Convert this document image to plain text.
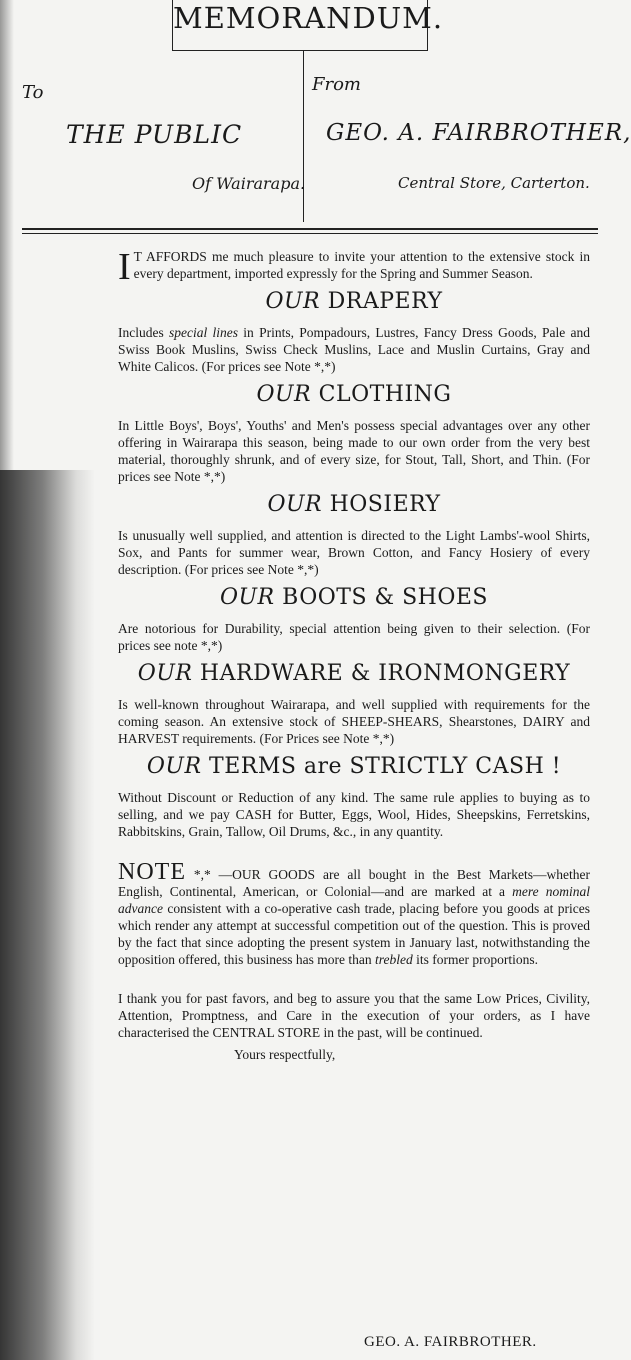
MEMORANDUM.
To
THE PUBLIC
Of Wairarapa.
From
GEO. A. FAIRBROTHER,
Central Store, Carterton.

I T AFFORDS me much pleasure to invite your attention to the extensive stock in every department, imported expressly for the Spring and Summer Season.

OUR DRAPERY

Includes special lines in Prints, Pompadours, Lustres, Fancy Dress Goods, Pale and Swiss Book Muslins, Swiss Check Muslins, Lace and Muslin Curtains, Gray and White Calicos. (For prices see Note *,*)

OUR CLOTHING

In Little Boys', Boys', Youths' and Men's possess special advantages over any other offering in Wairarapa this season, being made to our own order from the very best material, thoroughly shrunk, and of every size, for Stout, Tall, Short, and Thin. (For prices see Note *,*)

OUR HOSIERY

Is unusually well supplied, and attention is directed to the Light Lambs'-wool Shirts, Sox, and Pants for summer wear, Brown Cotton, and Fancy Hosiery of every description. (For prices see Note *,*)

OUR BOOTS & SHOES

Are notorious for Durability, special attention being given to their selection. (For prices see note *,*)

OUR HARDWARE & IRONMONGERY

Is well-known throughout Wairarapa, and well supplied with requirements for the coming season. An extensive stock of SHEEP-SHEARS, Shearstones, DAIRY and HARVEST requirements. (For Prices see Note *,*)

OUR TERMS are STRICTLY CASH !

Without Discount or Reduction of any kind. The same rule applies to buying as to selling, and we pay CASH for Butter, Eggs, Wool, Hides, Sheepskins, Ferretskins, Rabbitskins, Grain, Tallow, Oil Drums, &c., in any quantity.

NOTE *,* —OUR GOODS are all bought in the Best Markets—whether English, Continental, American, or Colonial—and are marked at a mere nominal advance consistent with a co-operative cash trade, placing before you goods at prices which render any attempt at successful competition out of the question. This is proved by the fact that since adopting the present system in January last, notwithstanding the opposition offered, this business has more than trebled its former proportions.

I thank you for past favors, and beg to assure you that the same Low Prices, Civility, Attention, Promptness, and Care in the execution of your orders, as I have characterised the CENTRAL STORE in the past, will be continued.

Yours respectfully,
GEO. A. FAIRBROTHER.
